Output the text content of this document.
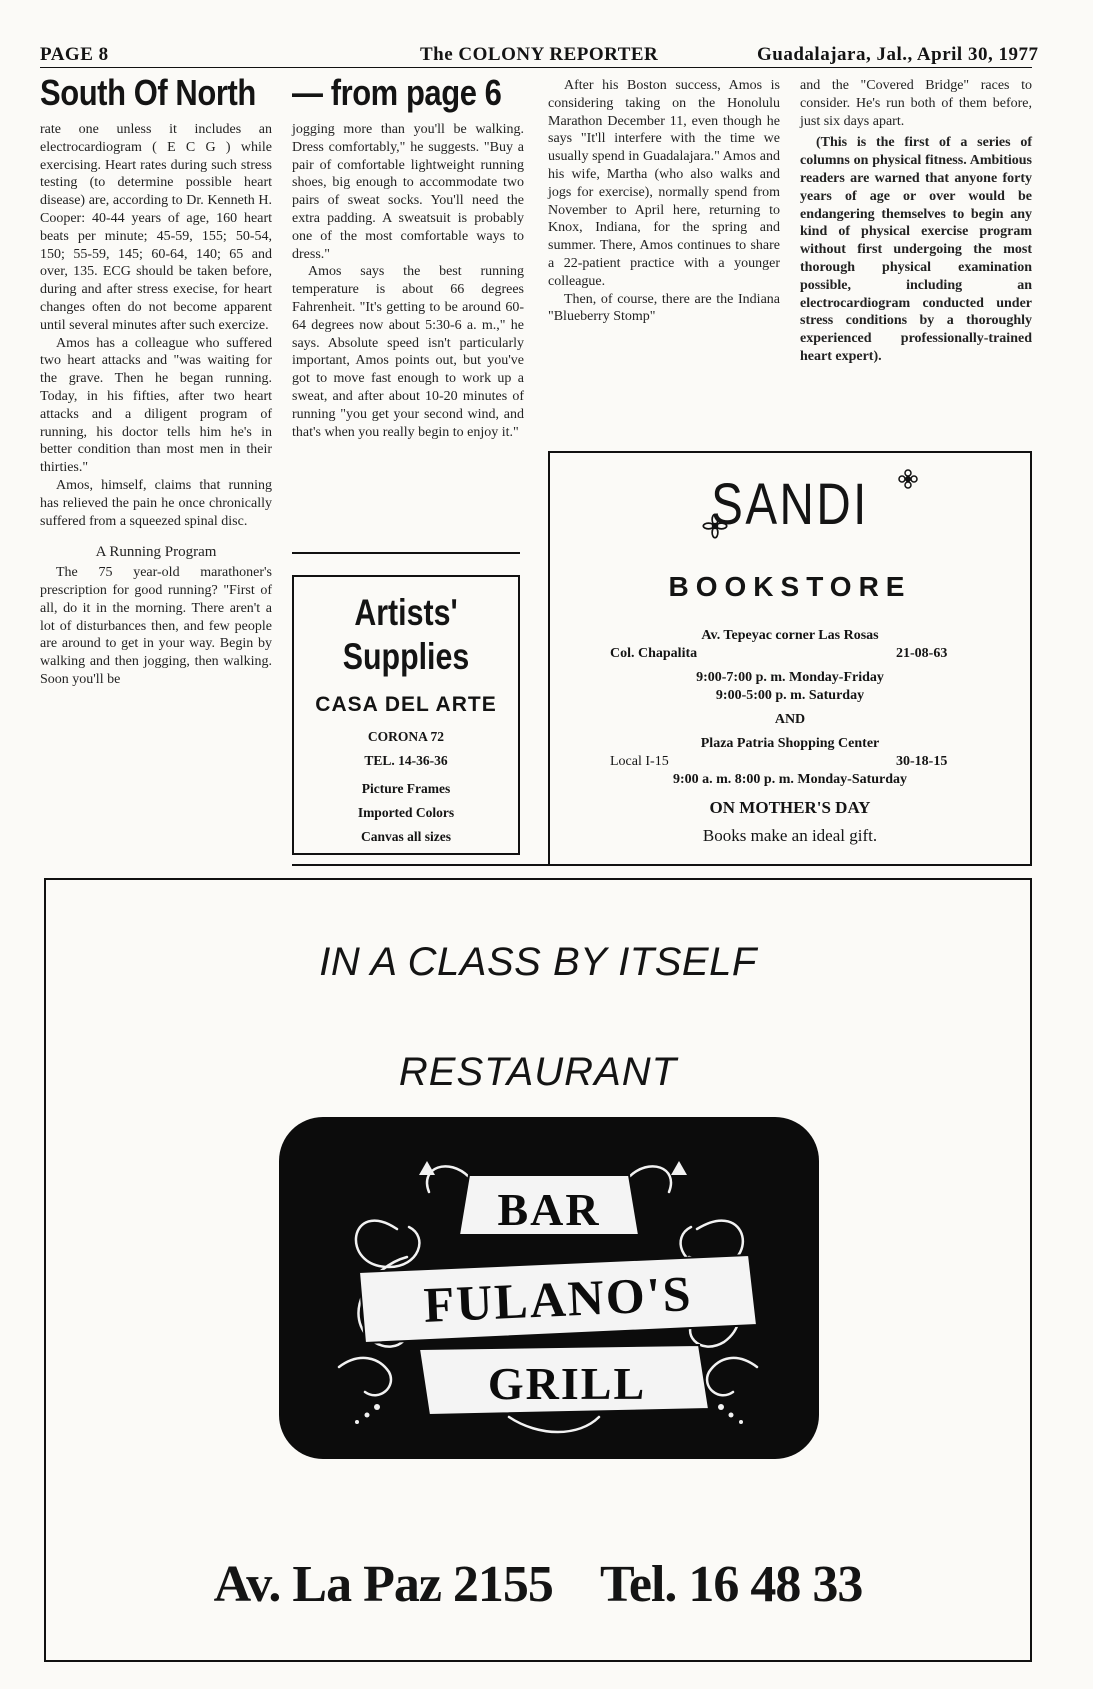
PAGE 8	The COLONY REPORTER	Guadalajara, Jal., April 30, 1977
South Of North — from page 6

rate one unless it includes an electrocardiogram ( E C G ) while exercising. Heart rates during such stress testing (to determine possible heart disease) are, according to Dr. Kenneth H. Cooper: 40-44 years of age, 160 heart beats per minute; 45-59, 155; 50-54, 150; 55-59, 145; 60-64, 140; 65 and over, 135. ECG should be taken before, during and after stress execise, for heart changes often do not become apparent until several minutes after such exercize.

Amos has a colleague who suffered two heart attacks and "was waiting for the grave. Then he began running. Today, in his fifties, after two heart attacks and a diligent program of running, his doctor tells him he's in better condition than most men in their thirties."

Amos, himself, claims that running has relieved the pain he once chronically suffered from a squeezed spinal disc.

A Running Program

The 75 year-old marathoner's prescription for good running? "First of all, do it in the morning. There aren't a lot of disturbances then, and few people are around to get in your way. Begin by walking and then jogging, then walking. Soon you'll be

jogging more than you'll be walking. Dress comfortably," he suggests. "Buy a pair of comfortable lightweight running shoes, big enough to accommodate two pairs of sweat socks. You'll need the extra padding. A sweatsuit is probably one of the most comfortable ways to dress."

Amos says the best running temperature is about 66 degrees Fahrenheit. "It's getting to be around 60-64 degrees now about 5:30-6 a. m.," he says. Absolute speed isn't particularly important, Amos points out, but you've got to move fast enough to work up a sweat, and after about 10-20 minutes of running "you get your second wind, and that's when you really begin to enjoy it."

Artists' Supplies
CASA DEL ARTE
CORONA 72
TEL. 14-36-36
Picture Frames
Imported Colors
Canvas all sizes

After his Boston success, Amos is considering taking on the Honolulu Marathon December 11, even though he says "It'll interfere with the time we usually spend in Guadalajara." Amos and his wife, Martha (who also walks and jogs for exercise), normally spend from November to April here, returning to Knox, Indiana, for the spring and summer. There, Amos continues to share a 22-patient practice with a younger colleague.

Then, of course, there are the Indiana "Blueberry Stomp"

and the "Covered Bridge" races to consider. He's run both of them before, just six days apart.

(This is the first of a series of columns on physical fitness. Ambitious readers are warned that anyone forty years of age or over would be endangering themselves to begin any kind of physical exercise program without first undergoing the most thorough physical examination possible, including an electrocardiogram conducted under stress conditions by a thoroughly experienced professionally-trained heart expert).

SANDI
BOOKSTORE
Av. Tepeyac corner Las Rosas
Col. Chapalita	21-08-63
9:00-7:00 p. m. Monday-Friday
9:00-5:00 p. m. Saturday
AND
Plaza Patria Shopping Center
Local I-15	30-18-15
9:00 a. m. 8:00 p. m. Monday-Saturday
ON MOTHER'S DAY
Books make an ideal gift.
IN A CLASS BY ITSELF
RESTAURANT
BAR
FULANO'S
GRILL
Av. La Paz 2155    Tel. 16 48 33
